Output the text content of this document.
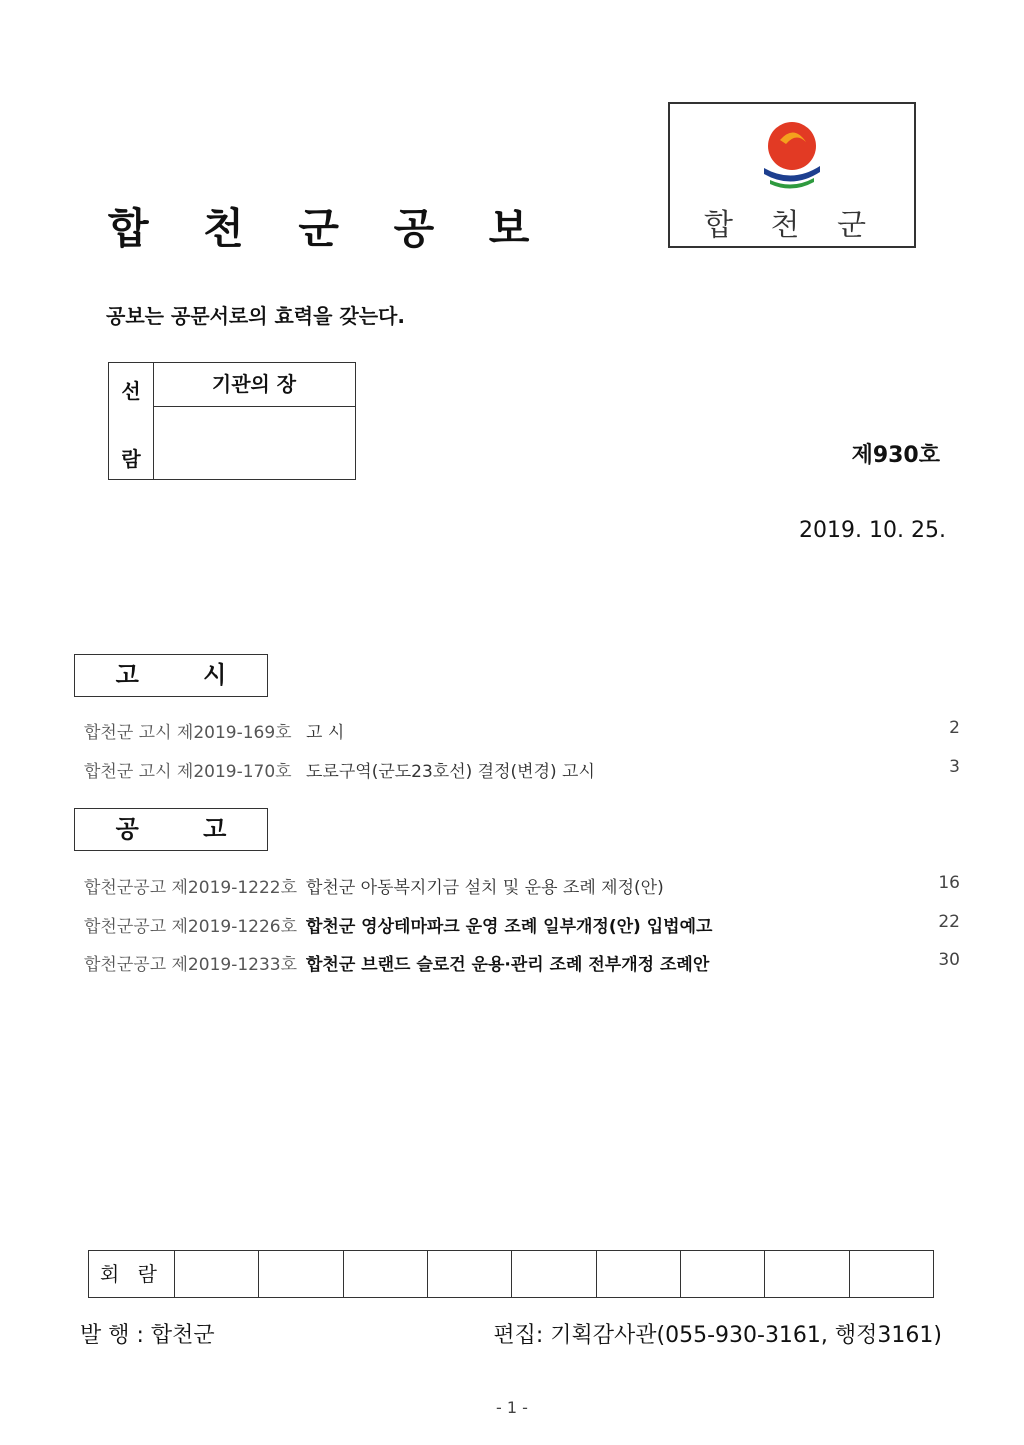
합 천 군 공 보	합 천 군
공보는 공문서로의 효력을 갖는다.
선
람
기관의 장
제930호
2019. 10. 25.
고 시
합천군 고시 제2019-169호 고 시	2
합천군 고시 제2019-170호 도로구역(군도23호선) 결정(변경) 고시	3
공 고
합천군공고 제2019-1222호 합천군 아동복지기금 설치 및 운용 조례 제정(안)	16
합천군공고 제2019-1226호 합천군 영상테마파크 운영 조례 일부개정(안) 입법예고	22
합천군공고 제2019-1233호 합천군 브랜드 슬로건 운용·관리 조례 전부개정 조례안	30
회 람
발 행 : 합천군	편집: 기획감사관(055-930-3161, 행정3161)
- 1 -
